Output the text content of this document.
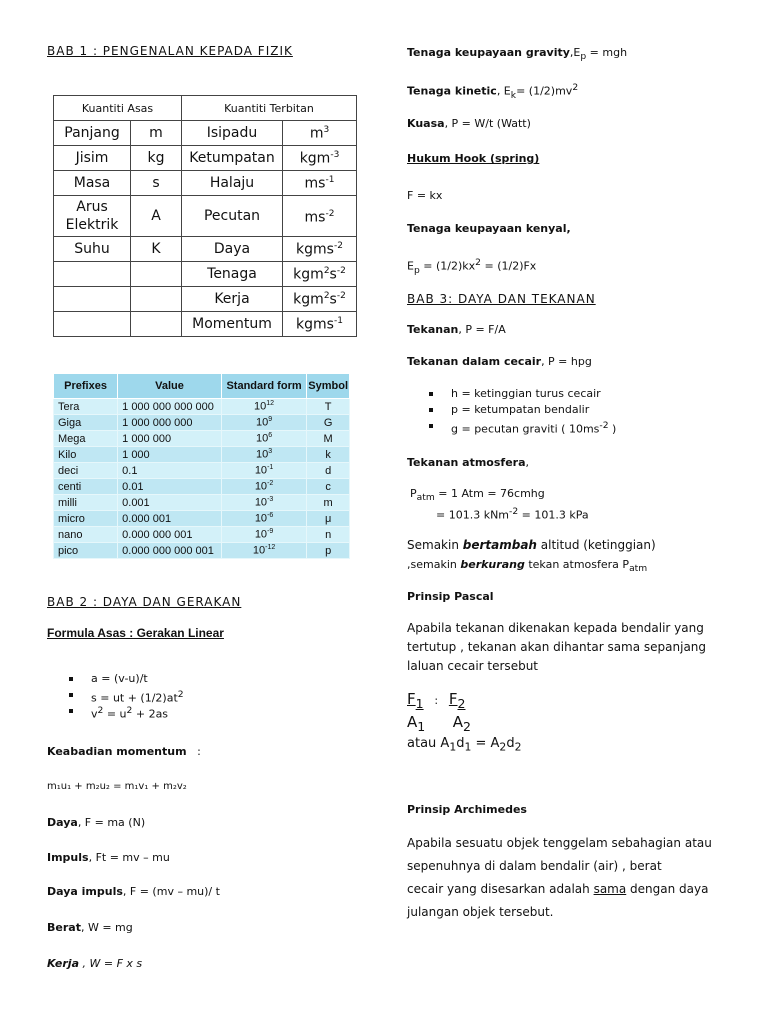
BAB 1 : PENGENALAN KEPADA FIZIK
Kuantiti Asas		Kuantiti Terbitan	
Panjang	m	Isipadu	$m^3$
Jisim	kg	Ketumpatan	kgm$^{-3}$
Masa	s	Halaju	$ms^{-1}$
Arus Elektrik	A	Pecutan	$ms^{-2}$
Suhu	K	Daya	kgms$^{-2}$
		Tenaga	$kgm^2s^{-2}$
		Kerja	$kgm^2s^{-2}$
		Momentum	kgms$^{-1}$
Prefixes	Value	Standard form	Symbol
Tera	1 000 000 000 000	$10^{12}$	T
Giga	1 000 000 000	$10^9$	G
Mega	1 000 000	$10^6$	M
Kilo	1 000	$10^3$	k
deci	0.1	$10^{-1}$	d
centi	0.01	$10^{-2}$	c
milli	0.001	$10^{-3}$	m
micro	0.000 001	$10^{-6}$	μ
nano	0.000 000 001	$10^{-9}$	n
pico	0.000 000 000 001	$10^{-12}$	p
BAB 2 : DAYA DAN GERAKAN
Formula Asas : Gerakan Linear
a = (v-u)/t
s = ut + $(1/2)at^2$
$v^2 = u^2 + 2as$
Keabadian momentum :
m₁u₁ + m₂u₂ = m₁v₁ + m₂v₂
Daya, F = ma (N)
Impuls, Ft = mv – mu
Daya impuls, F = (mv – mu)/ t
Berat, W = mg
Kerja , W = F x s
Tenaga keupayaan $gravity,E_p$ = mgh
Tenaga kinetic, $E_k= (1/2)mv^2$
Kuasa, P = W/t (Watt)
Hukum Hook (spring)
F = kx
Tenaga keupayaan kenyal,
$E_p = (1/2)kx^2 = (1/2)Fx$
BAB 3: DAYA DAN TEKANAN
Tekanan, P = F/A
Tekanan dalam cecair, P = hpg
h = ketinggian turus cecair
p = ketumpatan bendalir
g = pecutan graviti ( $10ms^{-2}$ )
Tekanan atmosfera,
$P_{atm} = 1$ Atm = 76cmhg
= 101.3 kNm$^{-2}$ = 101.3 kPa
Semakin bertambah altitud (ketinggian)
,semakin berkurang tekan atmosfera $P_{atm}$
Prinsip Pascal
Apabila tekanan dikenakan kepada bendalir yang
tertutup , tekanan akan dihantar sama sepanjang
laluan cecair tersebut
$F_1$ : $F_2$
$A_1$ $A_2$
atau $A_1d_1 = A_2d_2$
Prinsip Archimedes
Apabila sesuatu objek tenggelam sebahagian atau
sepenuhnya di dalam bendalir (air) , berat
cecair yang disesarkan adalah sama dengan daya
julangan objek tersebut.
